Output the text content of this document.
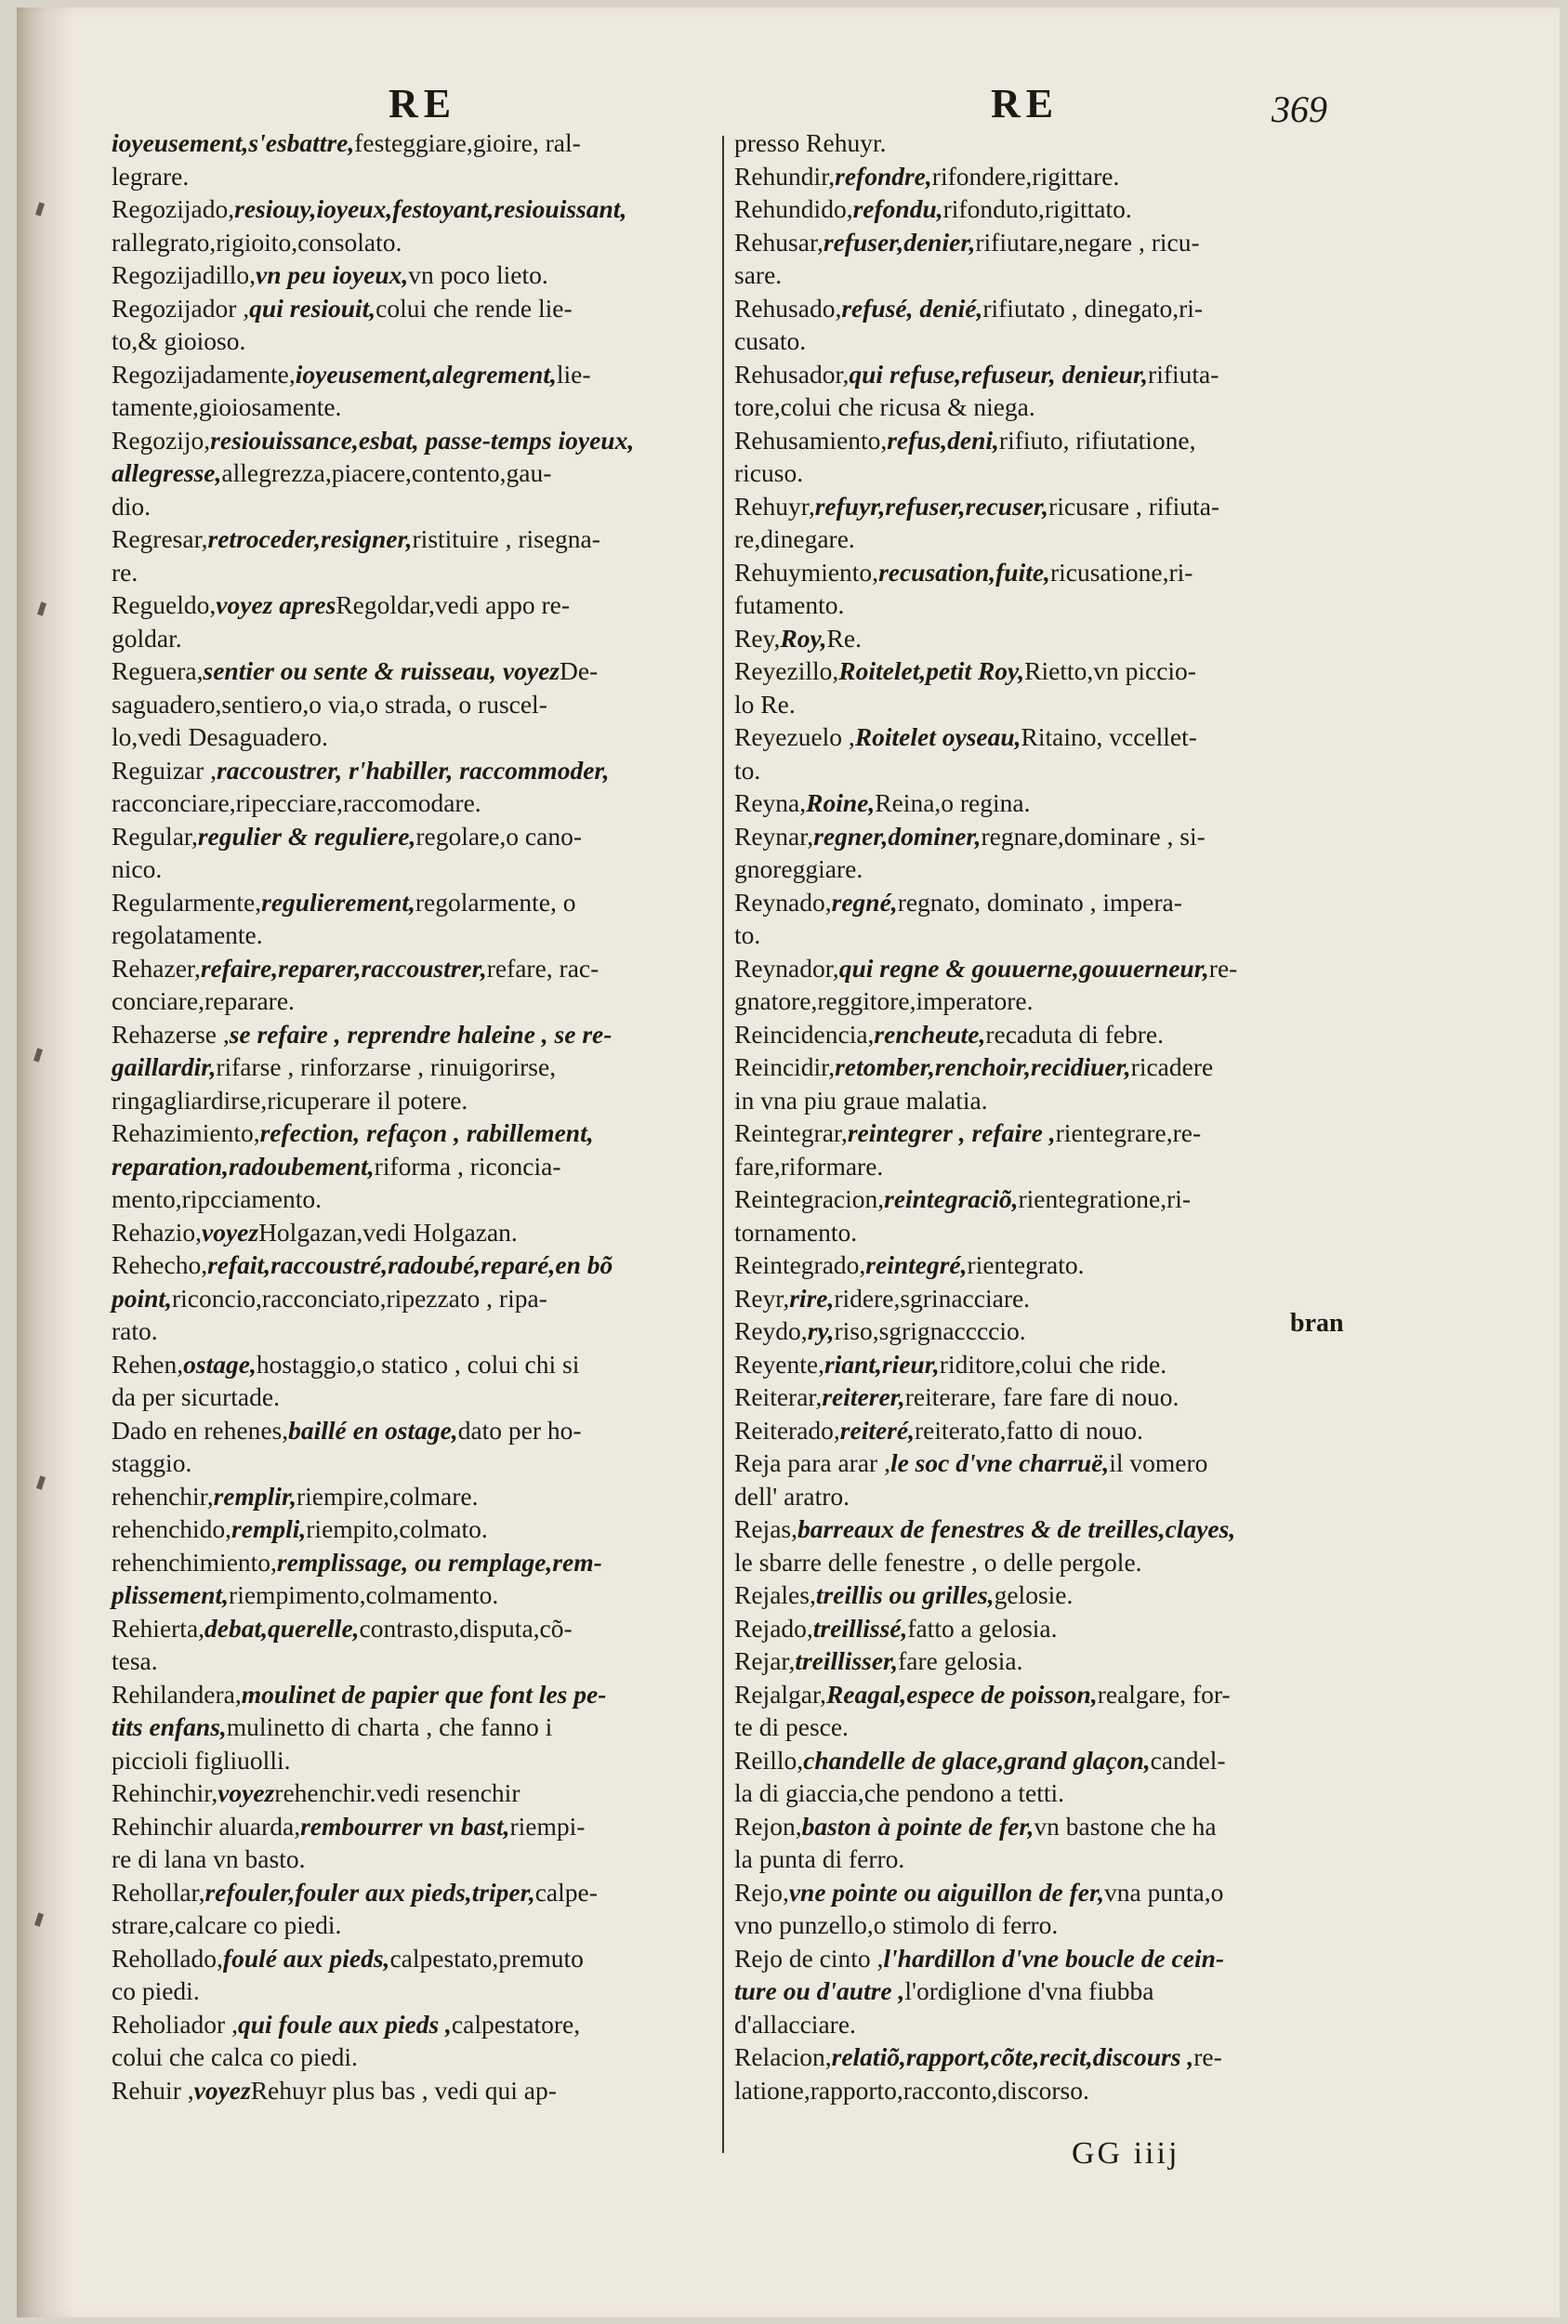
RE	RE	369

ioyeusement,s'esbattre,festeggiare,gioire, ral-

legrare.

Regozijado,resiouy,ioyeux,festoyant,resiouissant,

rallegrato,rigioito,consolato.

Regozijadillo,vn peu ioyeux,vn poco lieto.

Regozijador ,qui resiouit,colui che rende lie-

to,& gioioso.

Regozijadamente,ioyeusement,alegrement,lie-

tamente,gioiosamente.

Regozijo,resiouissance,esbat, passe-temps ioyeux,

allegresse,allegrezza,piacere,contento,gau-

dio.

Regresar,retroceder,resigner,ristituire , risegna-

re.

Regueldo,voyez apresRegoldar,vedi appo re-

goldar.

Reguera,sentier ou sente & ruisseau, voyezDe-

saguadero,sentiero,o via,o strada, o ruscel-

lo,vedi Desaguadero.

Reguizar ,raccoustrer, r'habiller, raccommoder,

racconciare,ripecciare,raccomodare.

Regular,regulier & reguliere,regolare,o cano-

nico.

Regularmente,regulierement,regolarmente, o

regolatamente.

Rehazer,refaire,reparer,raccoustrer,refare, rac-

conciare,reparare.

Rehazerse ,se refaire , reprendre haleine , se re-

gaillardir,rifarse , rinforzarse , rinuigorirse,

ringagliardirse,ricuperare il potere.

Rehazimiento,refection, refaçon , rabillement,

reparation,radoubement,riforma , riconcia-

mento,ripcciamento.

Rehazio,voyezHolgazan,vedi Holgazan.

Rehecho,refait,raccoustré,radoubé,reparé,en bõ

point,riconcio,racconciato,ripezzato , ripa-

rato.

Rehen,ostage,hostaggio,o statico , colui chi si

da per sicurtade.

Dado en rehenes,baillé en ostage,dato per ho-

staggio.

rehenchir,remplir,riempire,colmare.

rehenchido,rempli,riempito,colmato.

rehenchimiento,remplissage, ou remplage,rem-

plissement,riempimento,colmamento.

Rehierta,debat,querelle,contrasto,disputa,cõ-

tesa.

Rehilandera,moulinet de papier que font les pe-

tits enfans,mulinetto di charta , che fanno i

piccioli figliuolli.

Rehinchir,voyezrehenchir.vedi resenchir

Rehinchir aluarda,rembourrer vn bast,riempi-

re di lana vn basto.

Rehollar,refouler,fouler aux pieds,triper,calpe-

strare,calcare co piedi.

Rehollado,foulé aux pieds,calpestato,premuto

co piedi.

Reholiador ,qui foule aux pieds ,calpestatore,

colui che calca co piedi.

Rehuir ,voyezRehuyr plus bas , vedi qui ap-

presso Rehuyr.

Rehundir,refondre,rifondere,rigittare.

Rehundido,refondu,rifonduto,rigittato.

Rehusar,refuser,denier,rifiutare,negare , ricu-

sare.

Rehusado,refusé, denié,rifiutato , dinegato,ri-

cusato.

Rehusador,qui refuse,refuseur, denieur,rifiuta-

tore,colui che ricusa & niega.

Rehusamiento,refus,deni,rifiuto, rifiutatione,

ricuso.

Rehuyr,refuyr,refuser,recuser,ricusare , rifiuta-

re,dinegare.

Rehuymiento,recusation,fuite,ricusatione,ri-

futamento.

Rey,Roy,Re.

Reyezillo,Roitelet,petit Roy,Rietto,vn piccio-

lo Re.

Reyezuelo ,Roitelet oyseau,Ritaino, vccellet-

to.

Reyna,Roine,Reina,o regina.

Reynar,regner,dominer,regnare,dominare , si-

gnoreggiare.

Reynado,regné,regnato, dominato , impera-

to.

Reynador,qui regne & gouuerne,gouuerneur,re-

gnatore,reggitore,imperatore.

Reincidencia,rencheute,recaduta di febre.

Reincidir,retomber,renchoir,recidiuer,ricadere

in vna piu graue malatia.

Reintegrar,reintegrer , refaire ,rientegrare,re-

fare,riformare.

Reintegracion,reintegraciõ,rientegratione,ri-

tornamento.

Reintegrado,reintegré,rientegrato.

Reyr,rire,ridere,sgrinacciare.

Reydo,ry,riso,sgrignaccccio.

Reyente,riant,rieur,riditore,colui che ride.

Reiterar,reiterer,reiterare, fare fare di nouo.

Reiterado,reiteré,reiterato,fatto di nouo.

Reja para arar ,le soc d'vne charruë,il vomero

dell' aratro.

Rejas,barreaux de fenestres & de treilles,clayes,

le sbarre delle fenestre , o delle pergole.

Rejales,treillis ou grilles,gelosie.

Rejado,treillissé,fatto a gelosia.

Rejar,treillisser,fare gelosia.

Rejalgar,Reagal,espece de poisson,realgare, for-

te di pesce.

Reillo,chandelle de glace,grand glaçon,candel-

la di giaccia,che pendono a tetti.

Rejon,baston à pointe de fer,vn bastone che ha

la punta di ferro.

Rejo,vne pointe ou aiguillon de fer,vna punta,o

vno punzello,o stimolo di ferro.

Rejo de cinto ,l'hardillon d'vne boucle de cein-

ture ou d'autre ,l'ordiglione d'vna fiubba

d'allacciare.

Relacion,relatiõ,rapport,cõte,recit,discours ,re-

latione,rapporto,racconto,discorso.

bran
GG iiij
